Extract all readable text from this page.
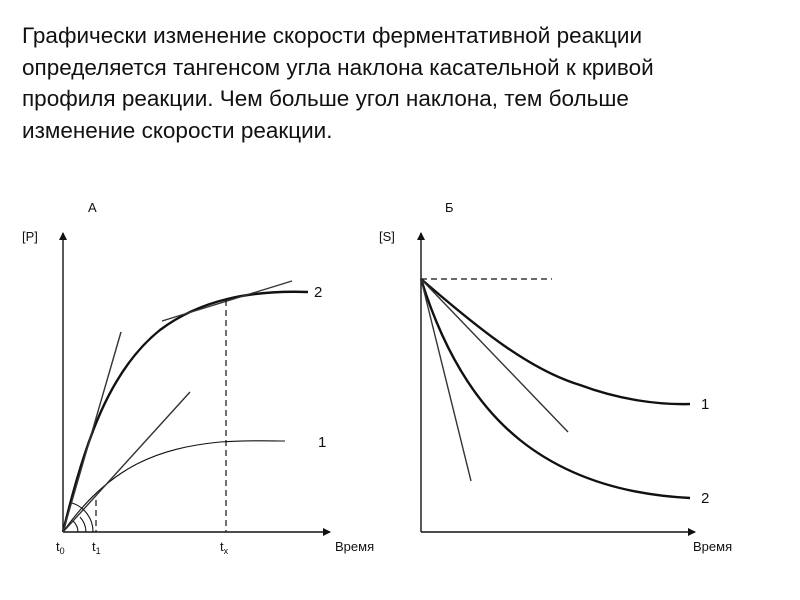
Графически изменение скорости ферментативной реакции
определяется тангенсом угла наклона касательной к кривой
профиля реакции. Чем больше угол наклона, тем больше
изменение скорости реакции.
А
[P]
$t_0$ $t_1$	$t_x$	Время
2
1
Б
[S]
Время
1
2
